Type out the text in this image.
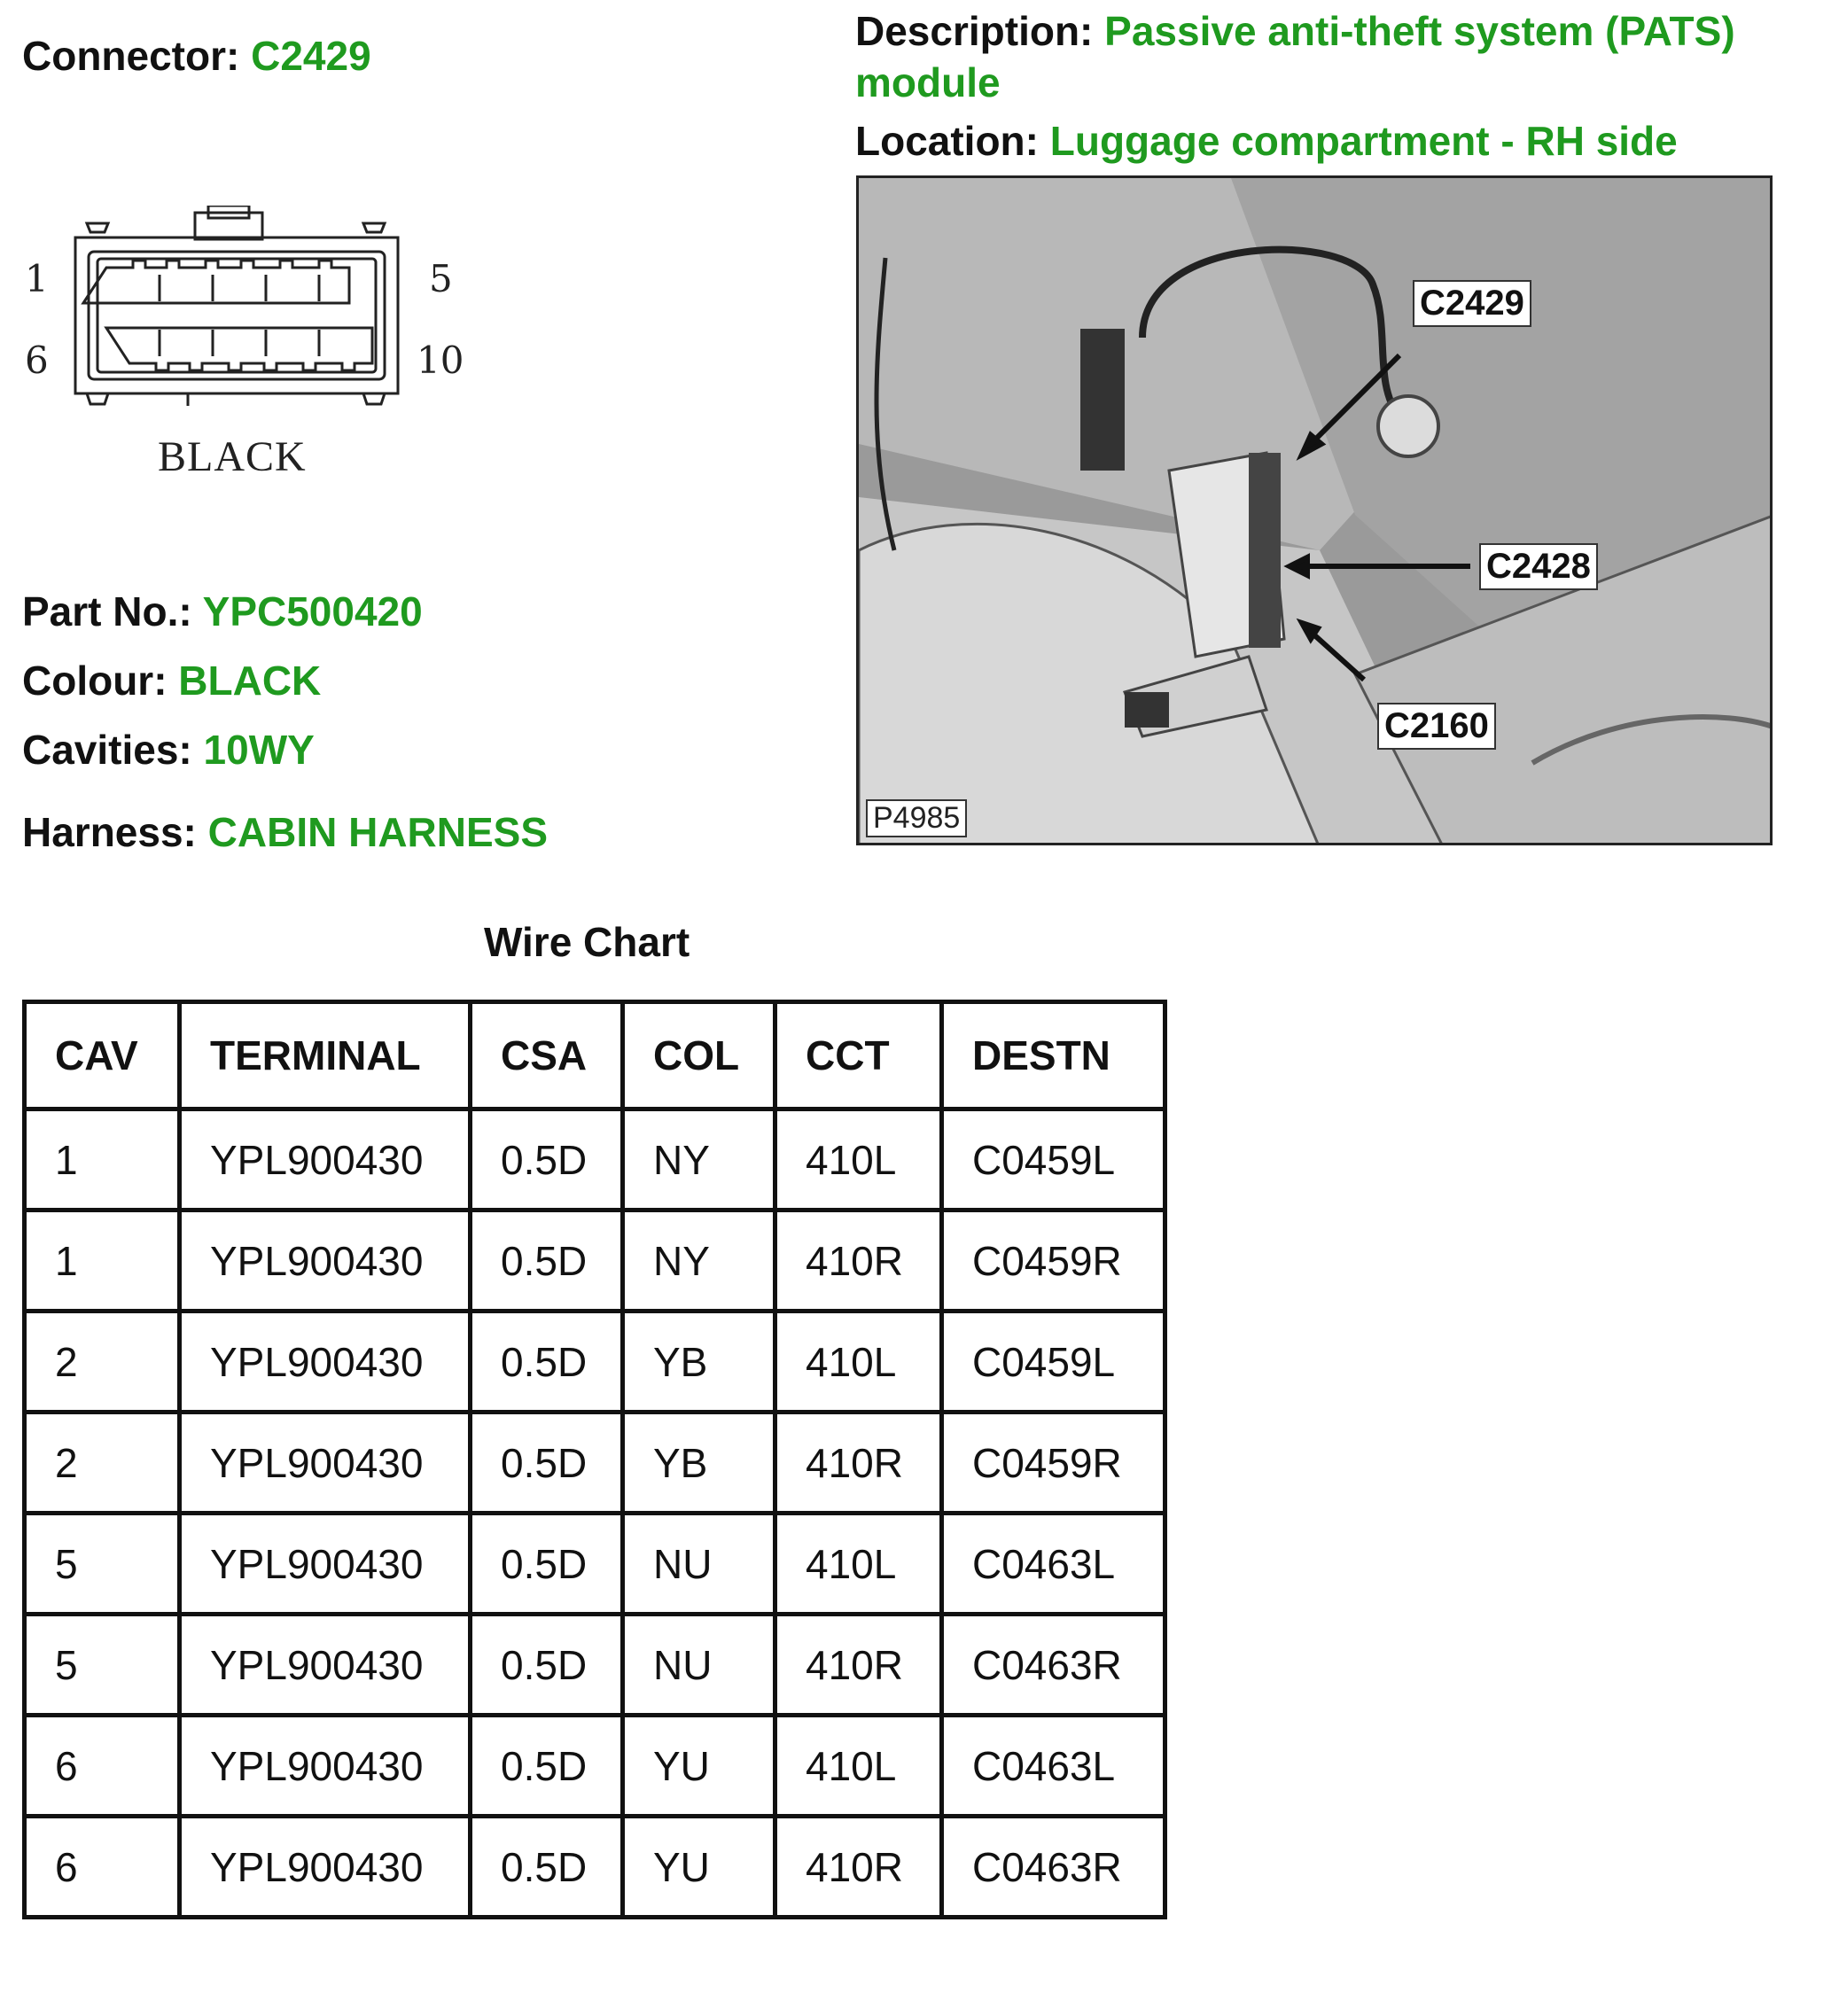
Connector: C2429
Description: Passive anti-theft system (PATS) module
Location: Luggage compartment - RH side
1	5
6	10
BLACK
C2429
C2428
C2160
P4985
Part No.: YPC500420
Colour: BLACK
Cavities: 10WY
Harness: CABIN HARNESS
Wire Chart
CAV	TERMINAL	CSA	COL	CCT	DESTN
1	YPL900430	0.5D	NY	410L	C0459L
1	YPL900430	0.5D	NY	410R	C0459R
2	YPL900430	0.5D	YB	410L	C0459L
2	YPL900430	0.5D	YB	410R	C0459R
5	YPL900430	0.5D	NU	410L	C0463L
5	YPL900430	0.5D	NU	410R	C0463R
6	YPL900430	0.5D	YU	410L	C0463L
6	YPL900430	0.5D	YU	410R	C0463R
